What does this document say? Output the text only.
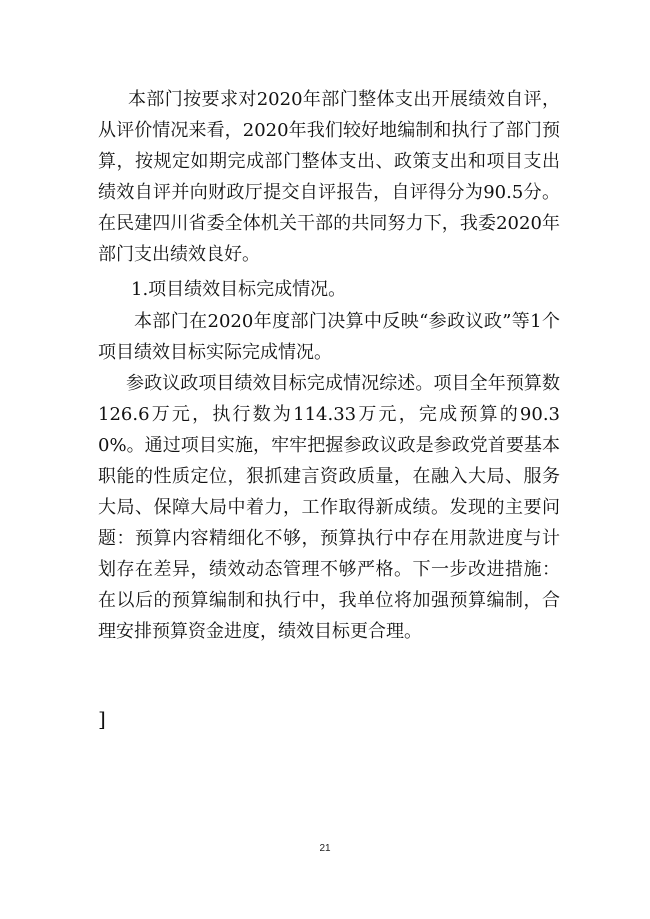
本部门按要求对2020年部门整体支出开展绩效自评，从评价情况来看，2020年我们较好地编制和执行了部门预算，按规定如期完成部门整体支出、政策支出和项目支出绩效自评并向财政厅提交自评报告，自评得分为90.5分。在民建四川省委全体机关干部的共同努力下，我委2020年部门支出绩效良好。

1.项目绩效目标完成情况。

本部门在2020年度部门决算中反映“参政议政”等1个项目绩效目标实际完成情况。

参政议政项目绩效目标完成情况综述。项目全年预算数126.6万元，执行数为114.33万元，完成预算的90.30%。通过项目实施，牢牢把握参政议政是参政党首要基本职能的性质定位，狠抓建言资政质量，在融入大局、服务大局、保障大局中着力，工作取得新成绩。发现的主要问题：预算内容精细化不够，预算执行中存在用款进度与计划存在差异，绩效动态管理不够严格。下一步改进措施：在以后的预算编制和执行中，我单位将加强预算编制，合理安排预算资金进度，绩效目标更合理。

]
21
